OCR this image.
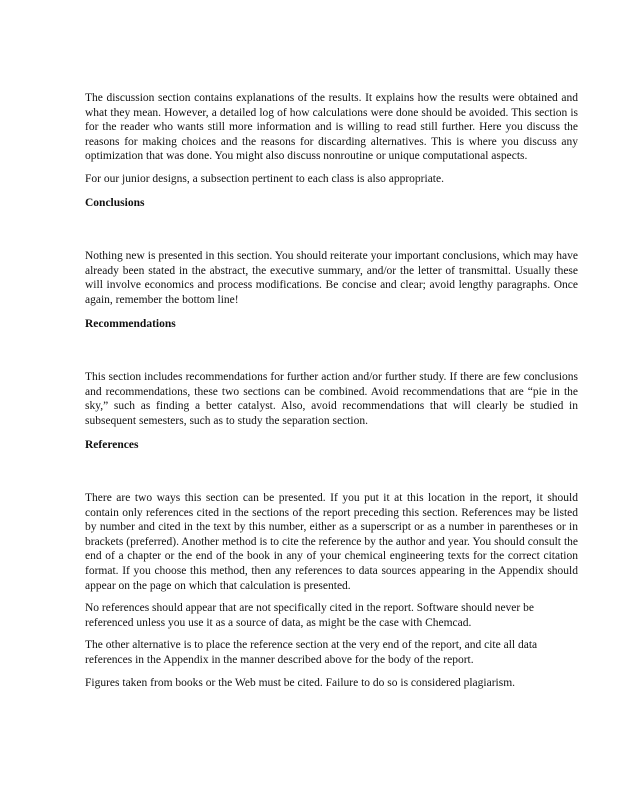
The discussion section contains explanations of the results. It explains how the results were obtained and what they mean. However, a detailed log of how calculations were done should be avoided. This section is for the reader who wants still more information and is willing to read still further. Here you discuss the reasons for making choices and the reasons for discarding alternatives. This is where you discuss any optimization that was done. You might also discuss nonroutine or unique computational aspects.

For our junior designs, a subsection pertinent to each class is also appropriate.

Conclusions

Nothing new is presented in this section. You should reiterate your important conclusions, which may have already been stated in the abstract, the executive summary, and/or the letter of transmittal. Usually these will involve economics and process modifications. Be concise and clear; avoid lengthy paragraphs. Once again, remember the bottom line!

Recommendations

This section includes recommendations for further action and/or further study. If there are few conclusions and recommendations, these two sections can be combined. Avoid recommendations that are “pie in the sky,” such as finding a better catalyst. Also, avoid recommendations that will clearly be studied in subsequent semesters, such as to study the separation section.

References

There are two ways this section can be presented. If you put it at this location in the report, it should contain only references cited in the sections of the report preceding this section. References may be listed by number and cited in the text by this number, either as a superscript or as a number in parentheses or in brackets (preferred). Another method is to cite the reference by the author and year. You should consult the end of a chapter or the end of the book in any of your chemical engineering texts for the correct citation format. If you choose this method, then any references to data sources appearing in the Appendix should appear on the page on which that calculation is presented.

No references should appear that are not specifically cited in the report. Software should never be referenced unless you use it as a source of data, as might be the case with Chemcad.

The other alternative is to place the reference section at the very end of the report, and cite all data references in the Appendix in the manner described above for the body of the report.

Figures taken from books or the Web must be cited. Failure to do so is considered plagiarism.
